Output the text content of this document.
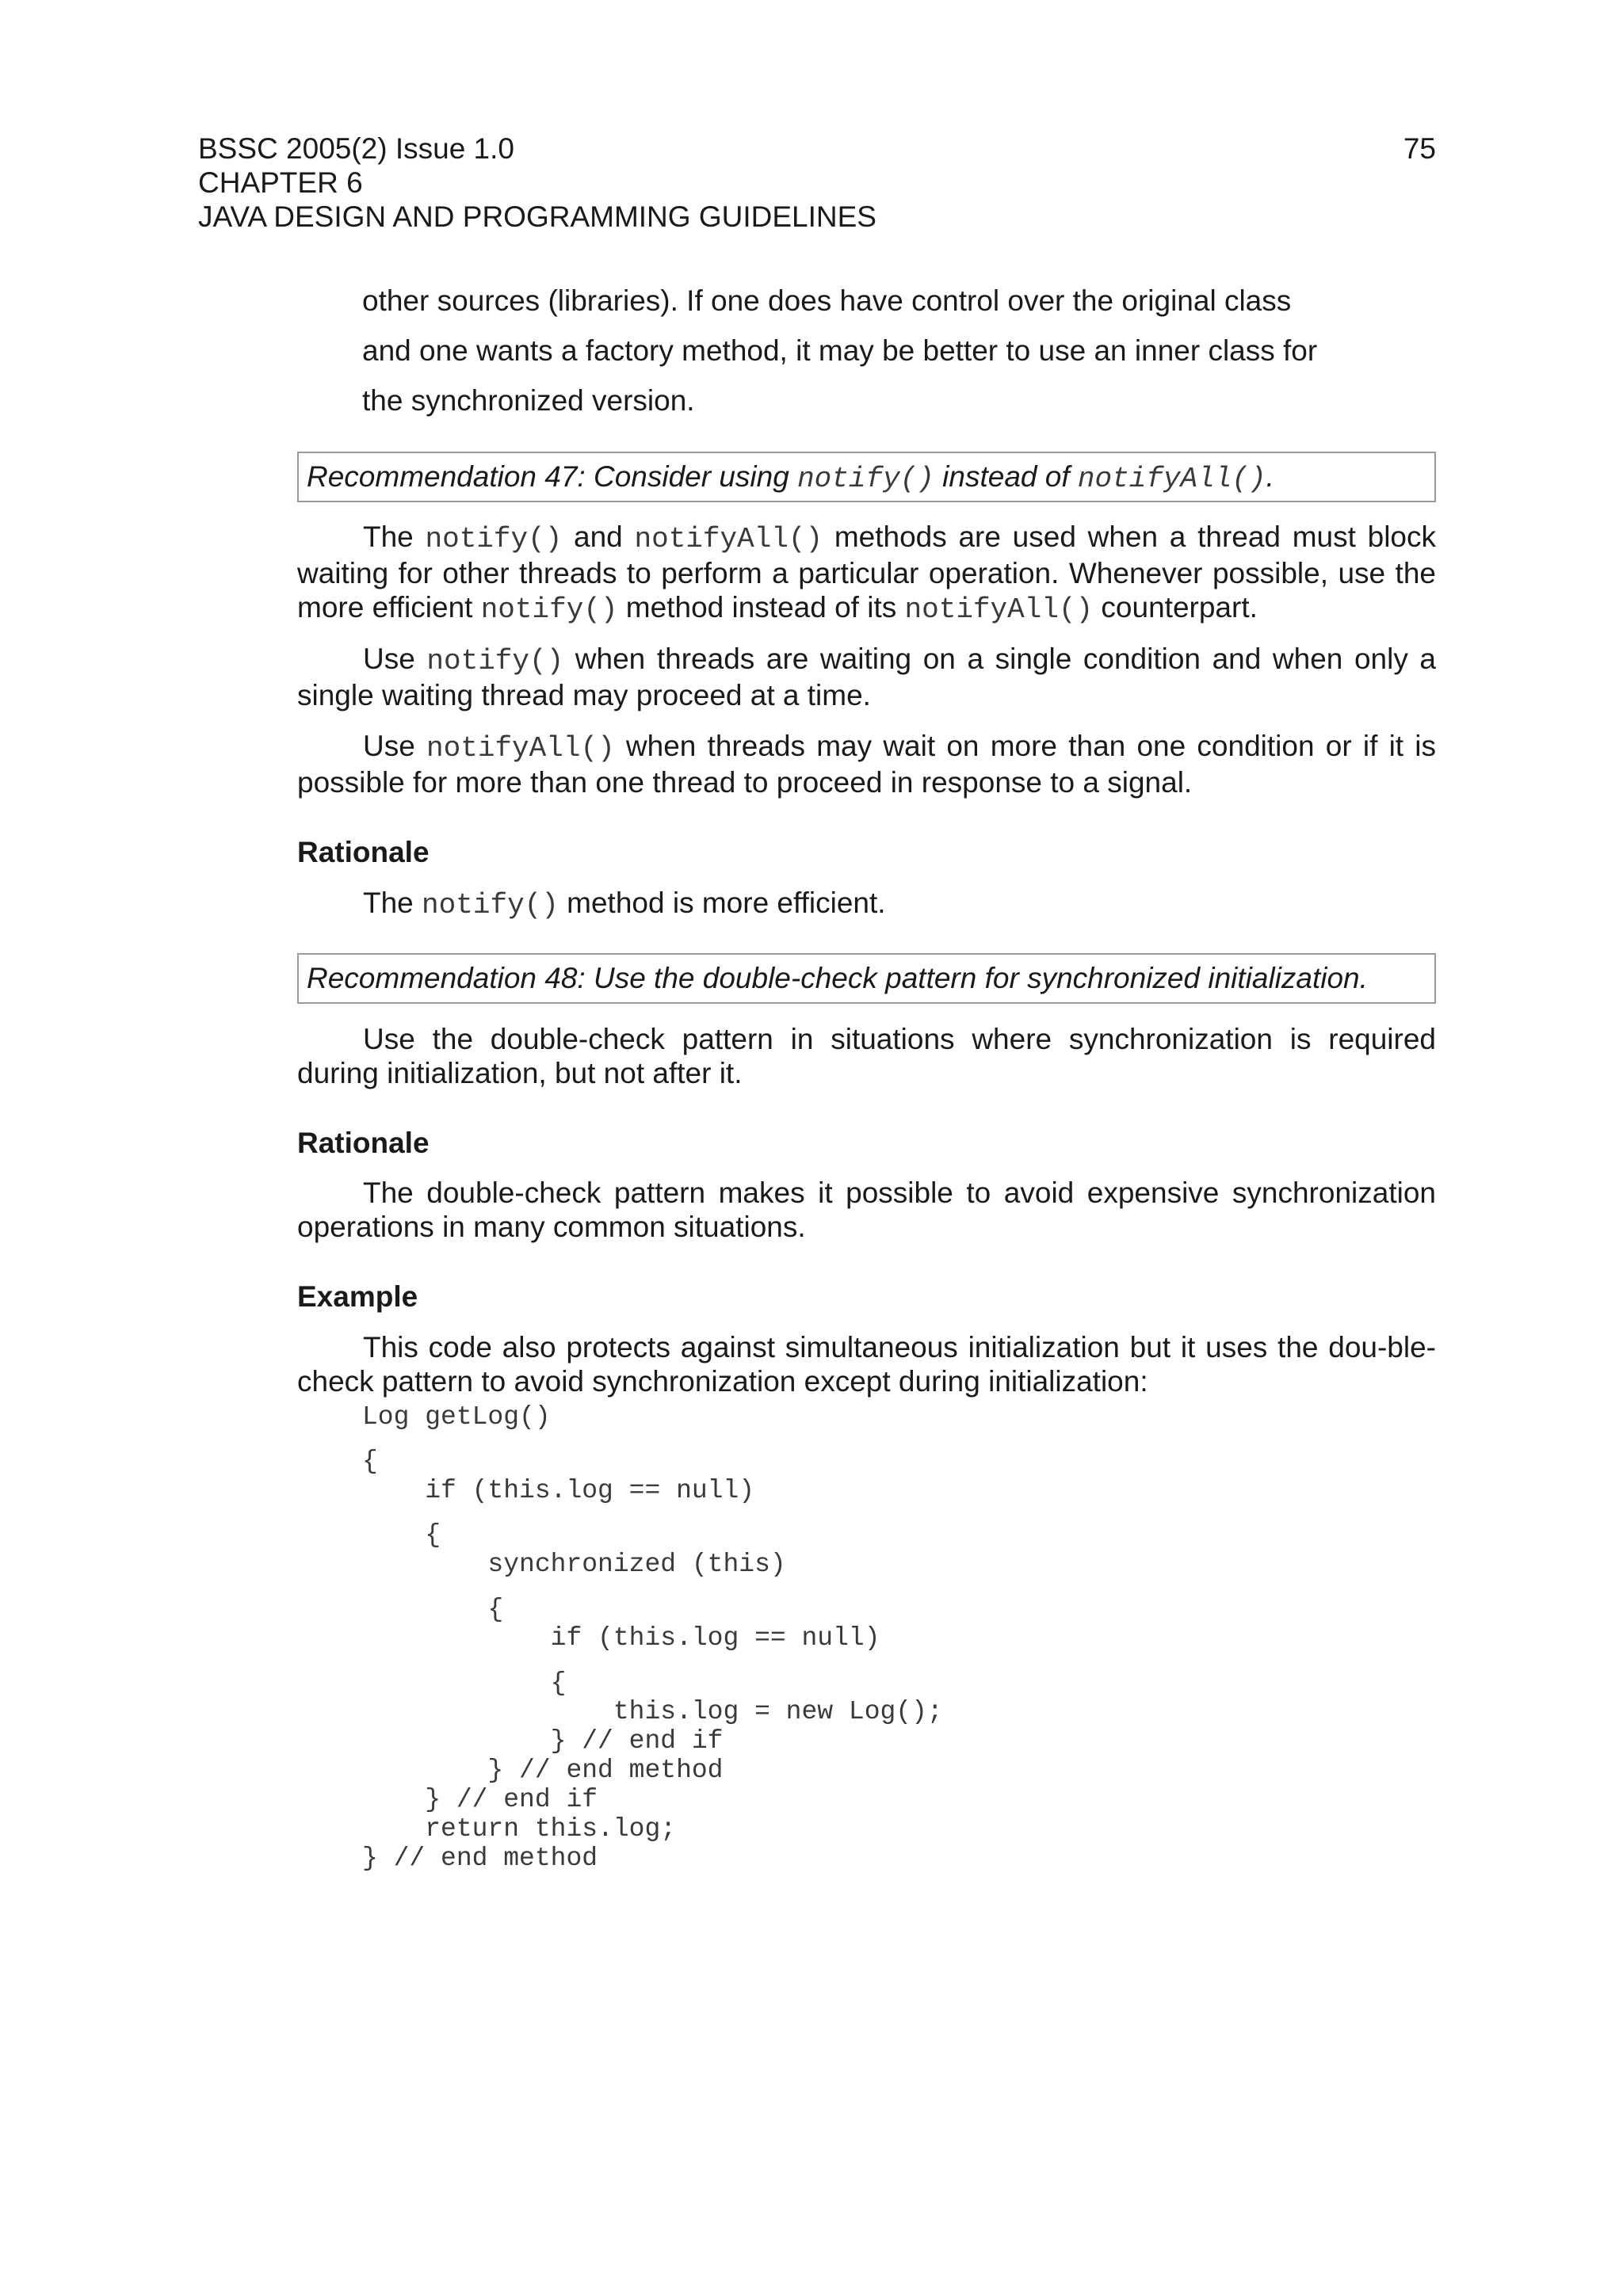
BSSC 2005(2) Issue 1.0
CHAPTER 6
JAVA DESIGN AND PROGRAMMING GUIDELINES
75
other sources (libraries). If one does have control over the original class
and one wants a factory method, it may be better to use an inner class for
the synchronized version.
Recommendation 47: Consider using notify() instead of notifyAll().

The notify() and notifyAll() methods are used when a thread must block waiting for other threads to perform a particular operation. Whenever possible, use the more efficient notify() method instead of its notifyAll() counterpart.

Use notify() when threads are waiting on a single condition and when only a single waiting thread may proceed at a time.

Use notifyAll() when threads may wait on more than one condition or if it is possible for more than one thread to proceed in response to a signal.

Rationale

The notify() method is more efficient.

Recommendation 48: Use the double-check pattern for synchronized initialization.

Use the double-check pattern in situations where synchronization is required during initialization, but not after it.

Rationale

The double-check pattern makes it possible to avoid expensive synchronization operations in many common situations.

Example

This code also protects against simultaneous initialization but it uses the dou-ble-check pattern to avoid synchronization except during initialization:

Log getLog()

{

if (this.log == null)

{

synchronized (this)

{

if (this.log == null)

{

this.log = new Log();

} // end if

} // end method

} // end if

return this.log;

} // end method
